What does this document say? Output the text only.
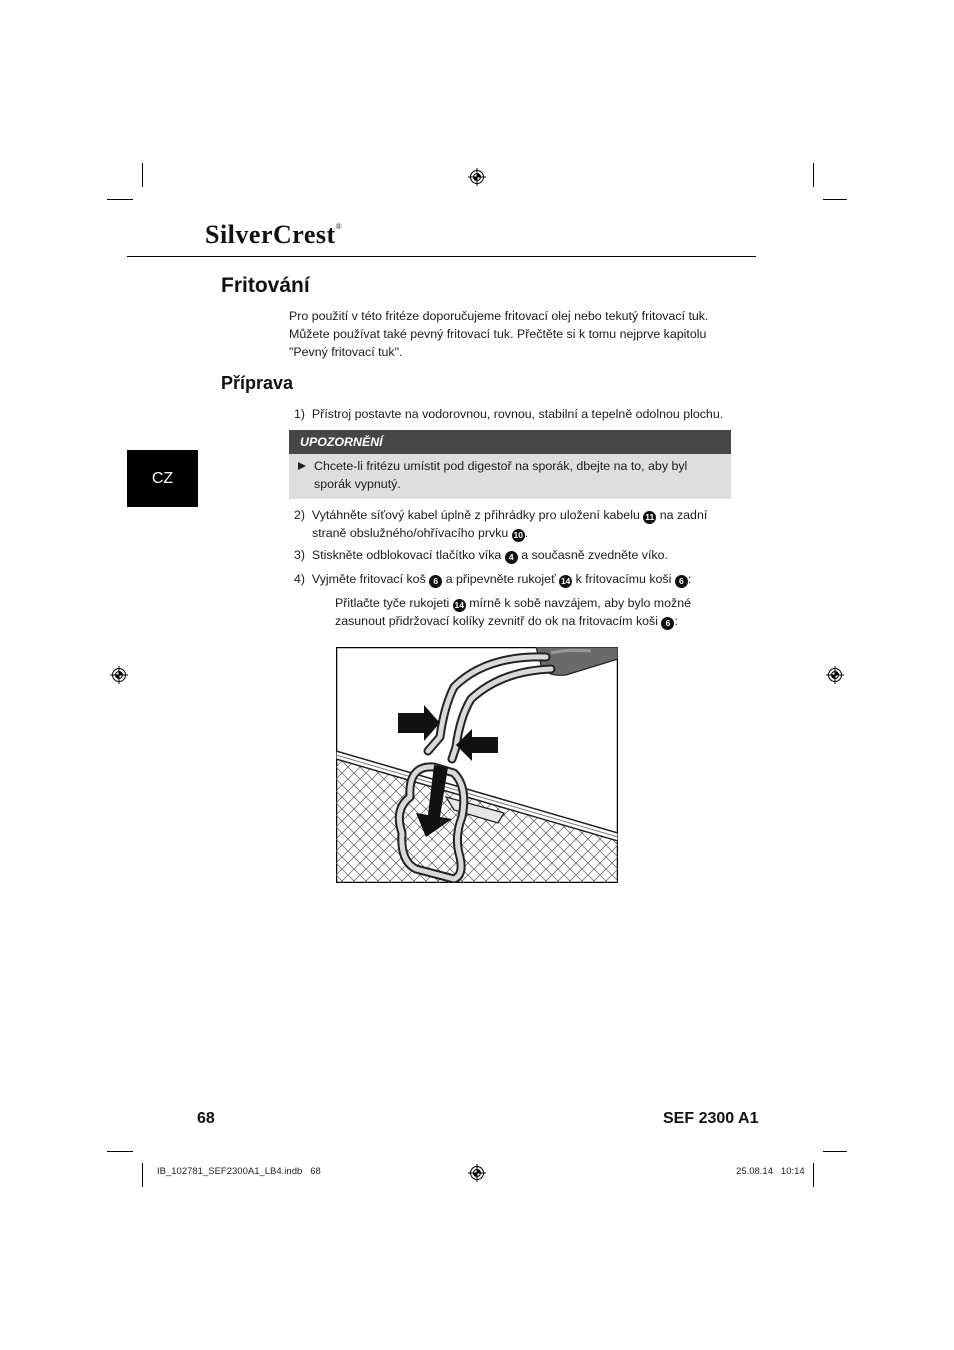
SilverCrest®
CZ
Fritování
Pro použití v této fritéze doporučujeme fritovací olej nebo tekutý fritovací tuk.
Můžete používat také pevný fritovací tuk. Přečtěte si k tomu nejprve kapitolu
"Pevný fritovací tuk".
Příprava
1) Přístroj postavte na vodorovnou, rovnou, stabilní a tepelně odolnou plochu.
UPOZORNĚNÍ
Chcete-li fritézu umístit pod digestoř na sporák, dbejte na to, aby byl
sporák vypnutý.
2) Vytáhněte síťový kabel úplně z přihrádky pro uložení kabelu 11 na zadní
straně obslužného/ohřívacího prvku 10 .
3) Stiskněte odblokovací tlačítko víka 4 a současně zvedněte víko.
4) Vyjměte fritovací koš 6 a připevněte rukojeť 14 k fritovacímu koši 6 :
Přitlačte tyče rukojeti 14 mírně k sobě navzájem, aby bylo možné
zasunout přidržovací kolíky zevnitř do ok na fritovacím koši 6 :
68	SEF 2300 A1
IB_102781_SEF2300A1_LB4.indb 68	25.08.14 10:14
